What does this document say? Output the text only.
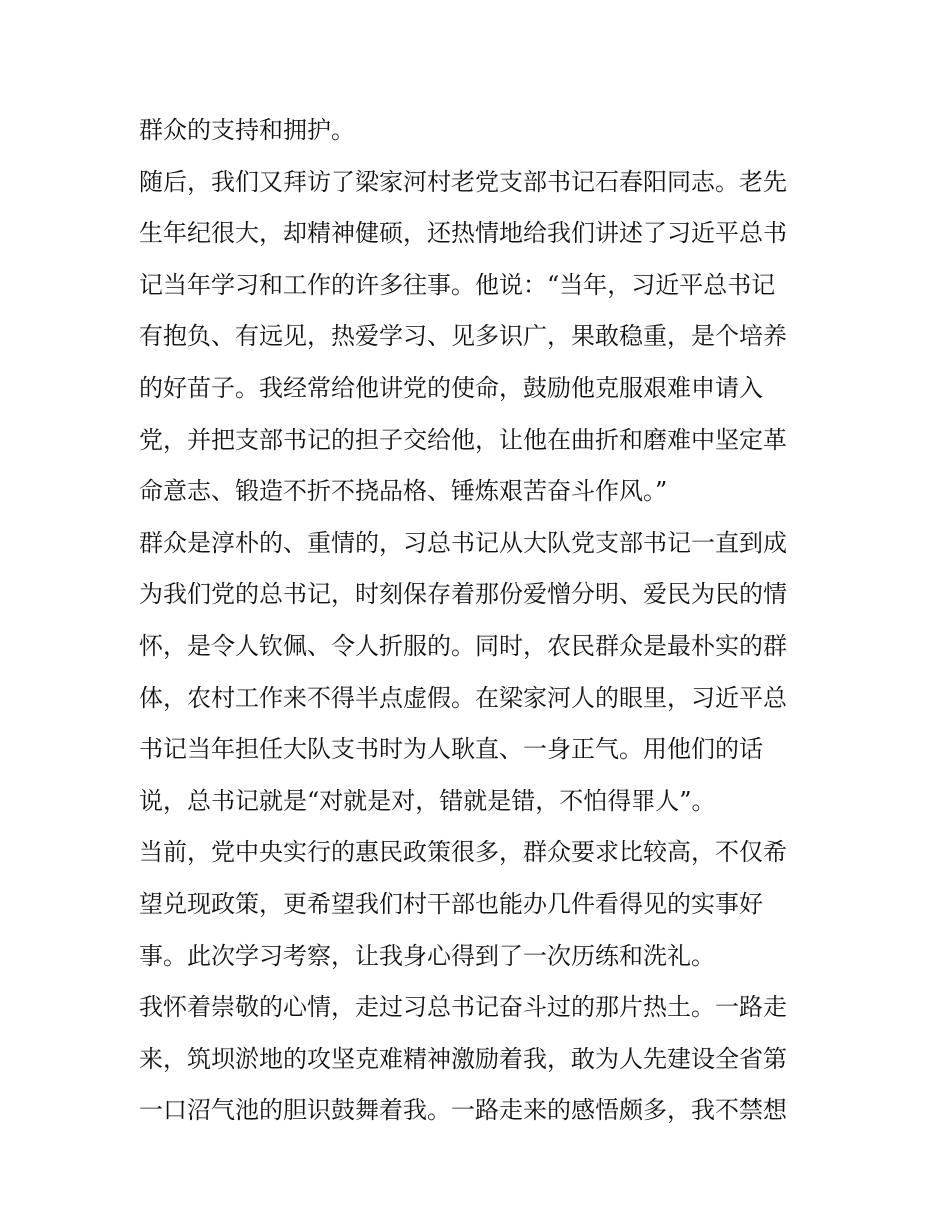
群众的支持和拥护。
随后，我们又拜访了梁家河村老党支部书记石春阳同志。老先
生年纪很大，却精神健硕，还热情地给我们讲述了习近平总书
记当年学习和工作的许多往事。他说：“当年，习近平总书记
有抱负、有远见，热爱学习、见多识广，果敢稳重，是个培养
的好苗子。我经常给他讲党的使命，鼓励他克服艰难申请入
党，并把支部书记的担子交给他，让他在曲折和磨难中坚定革
命意志、锻造不折不挠品格、锤炼艰苦奋斗作风。”
群众是淳朴的、重情的，习总书记从大队党支部书记一直到成
为我们党的总书记，时刻保存着那份爱憎分明、爱民为民的情
怀，是令人钦佩、令人折服的。同时，农民群众是最朴实的群
体，农村工作来不得半点虚假。在梁家河人的眼里，习近平总
书记当年担任大队支书时为人耿直、一身正气。用他们的话
说，总书记就是“对就是对，错就是错，不怕得罪人”。
当前，党中央实行的惠民政策很多，群众要求比较高，不仅希
望兑现政策，更希望我们村干部也能办几件看得见的实事好
事。此次学习考察，让我身心得到了一次历练和洗礼。
我怀着崇敬的心情，走过习总书记奋斗过的那片热土。一路走
来，筑坝淤地的攻坚克难精神激励着我，敢为人先建设全省第
一口沼气池的胆识鼓舞着我。一路走来的感悟颇多，我不禁想
